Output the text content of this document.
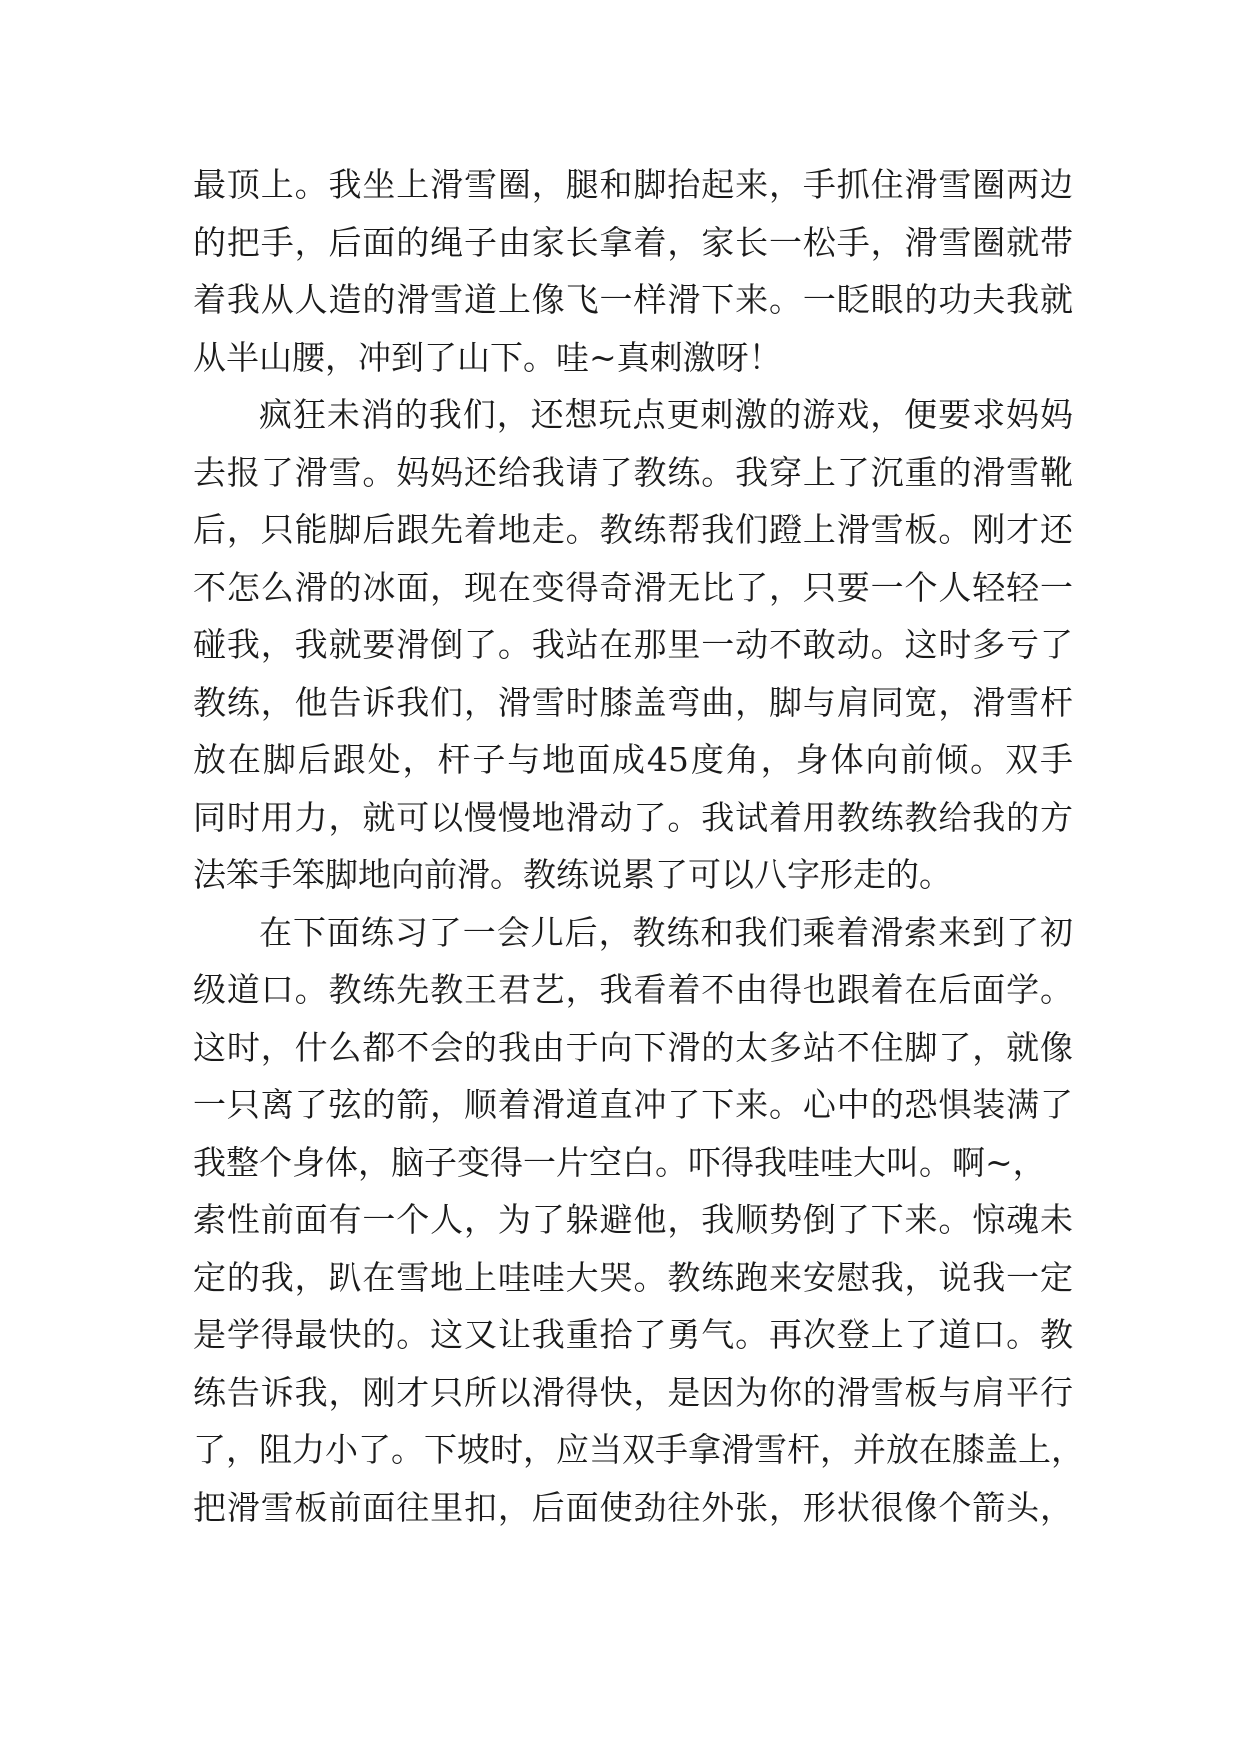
最顶上。我坐上滑雪圈，腿和脚抬起来，手抓住滑雪圈两边
的把手，后面的绳子由家长拿着，家长一松手，滑雪圈就带
着我从人造的滑雪道上像飞一样滑下来。一眨眼的功夫我就
从半山腰，冲到了山下。哇~真刺激呀！
疯狂未消的我们，还想玩点更刺激的游戏，便要求妈妈
去报了滑雪。妈妈还给我请了教练。我穿上了沉重的滑雪靴
后，只能脚后跟先着地走。教练帮我们蹬上滑雪板。刚才还
不怎么滑的冰面，现在变得奇滑无比了，只要一个人轻轻一
碰我，我就要滑倒了。我站在那里一动不敢动。这时多亏了
教练，他告诉我们，滑雪时膝盖弯曲，脚与肩同宽，滑雪杆
放在脚后跟处，杆子与地面成45度角，身体向前倾。双手
同时用力，就可以慢慢地滑动了。我试着用教练教给我的方
法笨手笨脚地向前滑。教练说累了可以八字形走的。
在下面练习了一会儿后，教练和我们乘着滑索来到了初
级道口。教练先教王君艺，我看着不由得也跟着在后面学。
这时，什么都不会的我由于向下滑的太多站不住脚了，就像
一只离了弦的箭，顺着滑道直冲了下来。心中的恐惧装满了
我整个身体，脑子变得一片空白。吓得我哇哇大叫。啊~，
索性前面有一个人，为了躲避他，我顺势倒了下来。惊魂未
定的我，趴在雪地上哇哇大哭。教练跑来安慰我，说我一定
是学得最快的。这又让我重拾了勇气。再次登上了道口。教
练告诉我，刚才只所以滑得快，是因为你的滑雪板与肩平行
了，阻力小了。下坡时，应当双手拿滑雪杆，并放在膝盖上，
把滑雪板前面往里扣，后面使劲往外张，形状很像个箭头，
